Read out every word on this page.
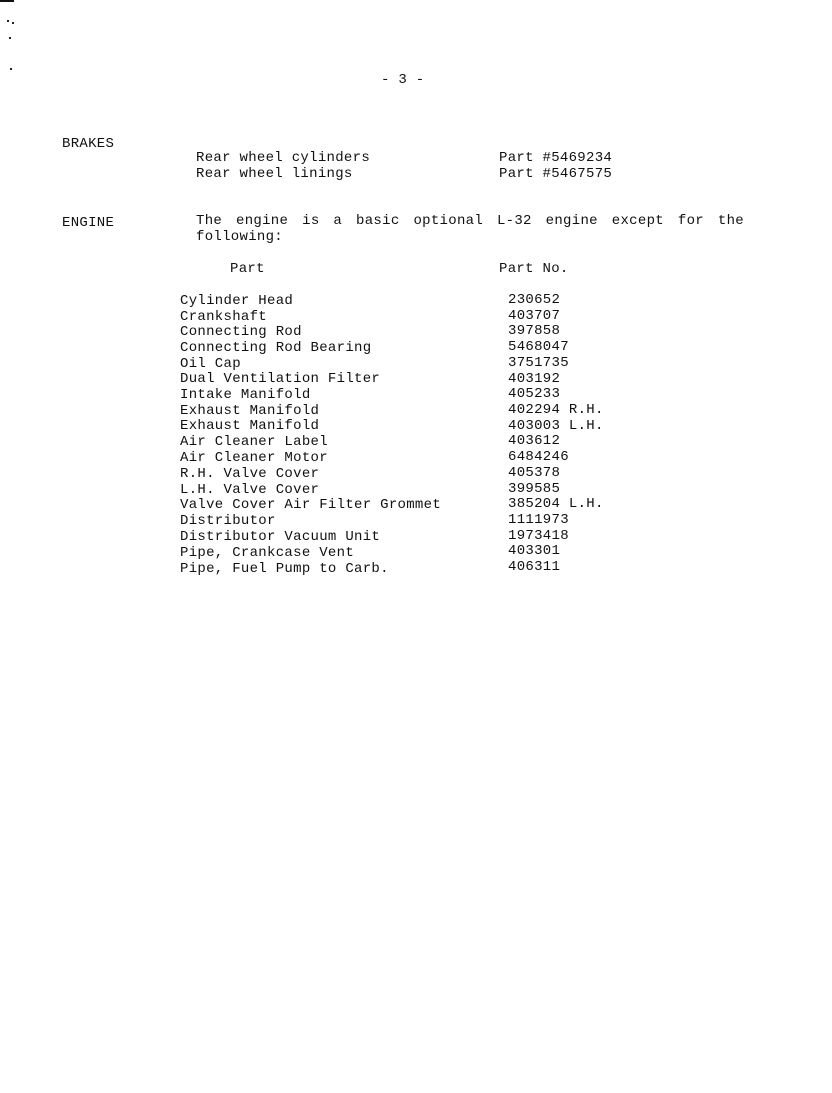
- 3 -
BRAKES
Rear wheel cylinders	Part #5469234
Rear wheel linings	Part #5467575
ENGINE	The engine is a basic optional L-32 engine except for the
following:
Part	Part No.
Cylinder Head	230652
Crankshaft	403707
Connecting Rod	397858
Connecting Rod Bearing	5468047
Oil Cap	3751735
Dual Ventilation Filter	403192
Intake Manifold	405233
Exhaust Manifold	402294 R.H.
Exhaust Manifold	403003 L.H.
Air Cleaner Label	403612
Air Cleaner Motor	6484246
R.H. Valve Cover	405378
L.H. Valve Cover	399585
Valve Cover Air Filter Grommet	385204 L.H.
Distributor	1111973
Distributor Vacuum Unit	1973418
Pipe, Crankcase Vent	403301
Pipe, Fuel Pump to Carb.	406311
